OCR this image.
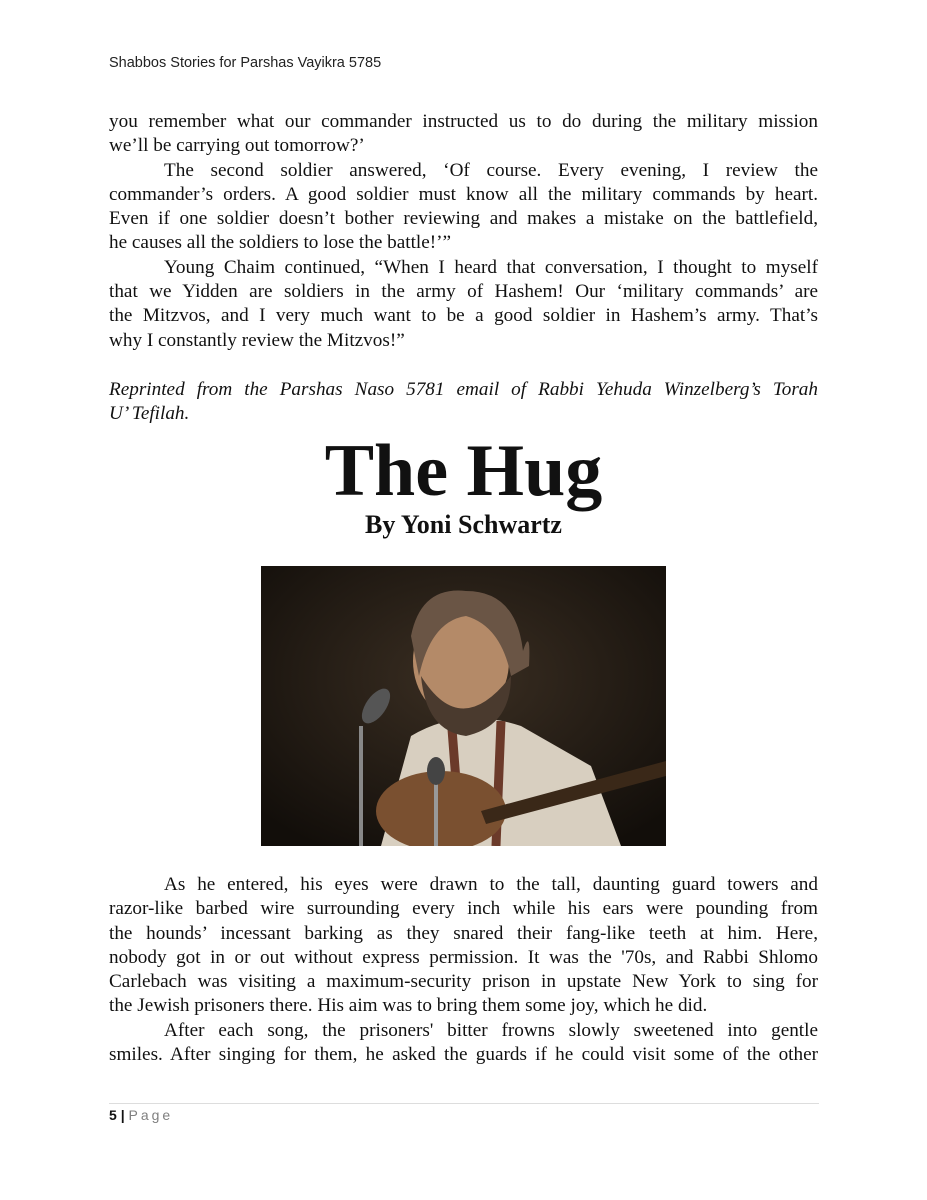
Shabbos Stories for Parshas Vayikra 5785
you remember what our commander instructed us to do during the military mission
we’ll be carrying out tomorrow?’
The second soldier answered, ‘Of course. Every evening, I review the
commander’s orders. A good soldier must know all the military commands by heart.
Even if one soldier doesn’t bother reviewing and makes a mistake on the battlefield,
he causes all the soldiers to lose the battle!’”
Young Chaim continued, “When I heard that conversation, I thought to myself
that we Yidden are soldiers in the army of Hashem! Our ‘military commands’ are
the Mitzvos, and I very much want to be a good soldier in Hashem’s army. That’s
why I constantly review the Mitzvos!”
Reprinted from the Parshas Naso 5781 email of Rabbi Yehuda Winzelberg’s Torah
U’ Tefilah.
The Hug
By Yoni Schwartz
As he entered, his eyes were drawn to the tall, daunting guard towers and
razor-like barbed wire surrounding every inch while his ears were pounding from
the hounds’ incessant barking as they snared their fang-like teeth at him. Here,
nobody got in or out without express permission. It was the '70s, and Rabbi Shlomo
Carlebach was visiting a maximum-security prison in upstate New York to sing for
the Jewish prisoners there. His aim was to bring them some joy, which he did.
After each song, the prisoners' bitter frowns slowly sweetened into gentle
smiles. After singing for them, he asked the guards if he could visit some of the other
5 | Page
